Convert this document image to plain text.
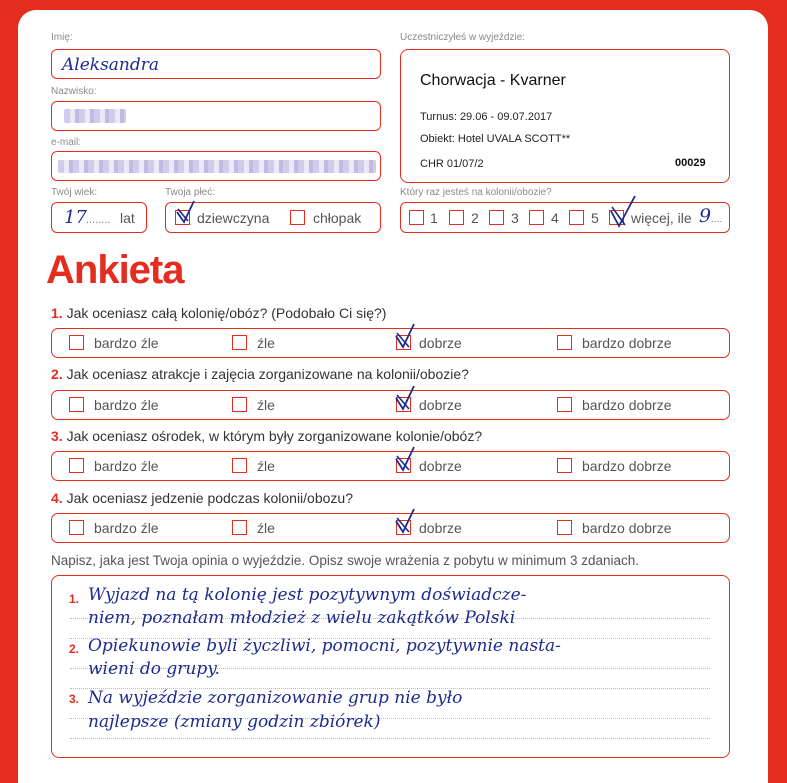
Imię:
Aleksandra
Nazwisko:
e-mail:
Twój wiek:
17 ........ lat
Twoja płeć:
dziewczyna	chłopak
Uczestniczyłeś w wyjeździe:
Chorwacja - Kvarner
Turnus: 29.06 - 09.07.2017
Obiekt: Hotel UVALA SCOTT**
CHR 01/07/2	00029
Który raz jesteś na kolonii/obozie?
1 2 3 4 5 więcej, ile 9 ....
Ankieta
1. Jak oceniasz całą kolonię/obóz? (Podobało Ci się?)
bardzo źle	źle	dobrze	bardzo dobrze
2. Jak oceniasz atrakcje i zajęcia zorganizowane na kolonii/obozie?
bardzo źle	źle	dobrze	bardzo dobrze
3. Jak oceniasz ośrodek, w którym były zorganizowane kolonie/obóz?
bardzo źle	źle	dobrze	bardzo dobrze
4. Jak oceniasz jedzenie podczas kolonii/obozu?
bardzo źle	źle	dobrze	bardzo dobrze
Napisz, jaka jest Twoja opinia o wyjeździe. Opisz swoje wrażenia z pobytu w minimum 3 zdaniach.
1.
2.
3.
Wyjazd na tą kolonię jest pozytywnym doświadcze-
niem, poznałam młodzież z wielu zakątków Polski
Opiekunowie byli życzliwi, pomocni, pozytywnie nasta-
wieni do grupy.
Na wyjeździe zorganizowanie grup nie było
najlepsze (zmiany godzin zbiórek)
